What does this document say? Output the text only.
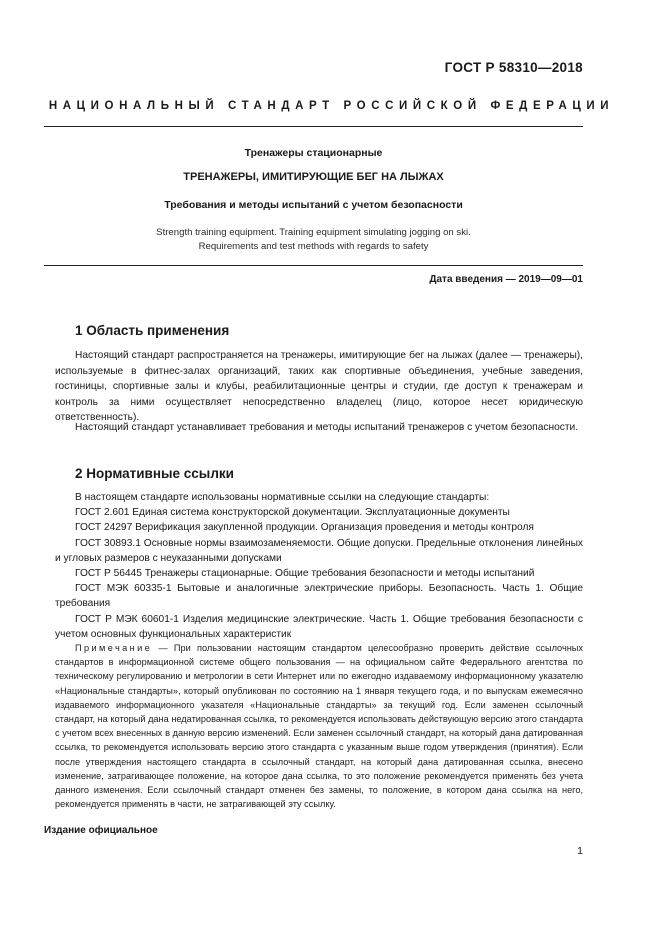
ГОСТ Р 58310—2018
НАЦИОНАЛЬНЫЙ СТАНДАРТ РОССИЙСКОЙ ФЕДЕРАЦИИ
Тренажеры стационарные
ТРЕНАЖЕРЫ, ИМИТИРУЮЩИЕ БЕГ НА ЛЫЖАХ
Требования и методы испытаний с учетом безопасности
Strength training equipment. Training equipment simulating jogging on ski.
Requirements and test methods with regards to safety
Дата введения — 2019—09—01
1 Область применения

Настоящий стандарт распространяется на тренажеры, имитирующие бег на лыжах (далее — тренажеры), используемые в фитнес-залах организаций, таких как спортивные объединения, учебные заведения, гостиницы, спортивные залы и клубы, реабилитационные центры и студии, где доступ к тренажерам и контроль за ними осуществляет непосредственно владелец (лицо, которое несет юридическую ответственность).

Настоящий стандарт устанавливает требования и методы испытаний тренажеров с учетом безопасности.

2 Нормативные ссылки
В настоящем стандарте использованы нормативные ссылки на следующие стандарты:
ГОСТ 2.601 Единая система конструкторской документации. Эксплуатационные документы
ГОСТ 24297 Верификация закупленной продукции. Организация проведения и методы контроля
ГОСТ 30893.1 Основные нормы взаимозаменяемости. Общие допуски. Предельные отклонения линейных и угловых размеров с неуказанными допусками
ГОСТ Р 56445 Тренажеры стационарные. Общие требования безопасности и методы испытаний
ГОСТ МЭК 60335-1 Бытовые и аналогичные электрические приборы. Безопасность. Часть 1. Общие требования
ГОСТ Р МЭК 60601-1 Изделия медицинские электрические. Часть 1. Общие требования безопасности с учетом основных функциональных характеристик
Примечание — При пользовании настоящим стандартом целесообразно проверить действие ссылочных стандартов в информационной системе общего пользования — на официальном сайте Федерального агентства по техническому регулированию и метрологии в сети Интернет или по ежегодно издаваемому информационному указателю «Национальные стандарты», который опубликован по состоянию на 1 января текущего года, и по выпускам ежемесячно издаваемого информационного указателя «Национальные стандарты» за текущий год. Если заменен ссылочный стандарт, на который дана недатированная ссылка, то рекомендуется использовать действующую версию этого стандарта с учетом всех внесенных в данную версию изменений. Если заменен ссылочный стандарт, на который дана датированная ссылка, то рекомендуется использовать версию этого стандарта с указанным выше годом утверждения (принятия). Если после утверждения настоящего стандарта в ссылочный стандарт, на который дана датированная ссылка, внесено изменение, затрагивающее положение, на которое дана ссылка, то это положение рекомендуется применять без учета данного изменения. Если ссылочный стандарт отменен без замены, то положение, в котором дана ссылка на него, рекомендуется применять в части, не затрагивающей эту ссылку.
Издание официальное
1
